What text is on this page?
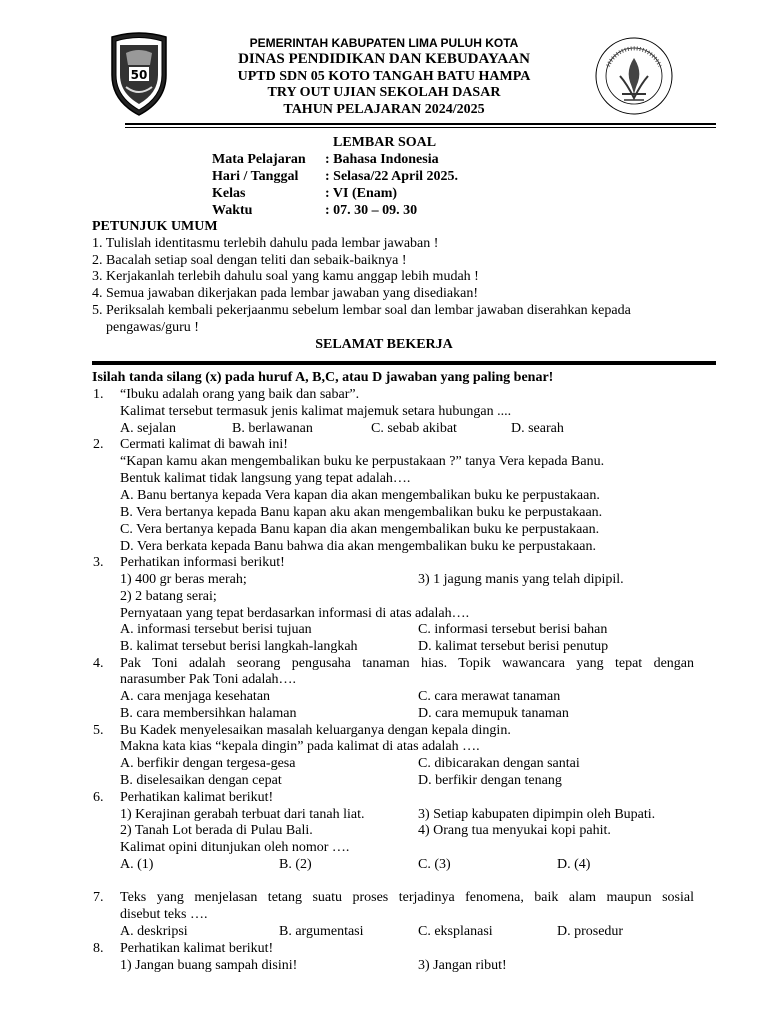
50
PEMERINTAH KABUPATEN LIMA PULUH KOTA
DINAS PENDIDIKAN DAN KEBUDAYAAN
UPTD SDN 05 KOTO TANGAH BATU HAMPA
TRY OUT UJIAN SEKOLAH DASAR
TAHUN PELAJARAN 2024/2025
LEMBAR SOAL
Mata Pelajaran : Bahasa Indonesia
Hari / Tanggal : Selasa/22 April 2025.
Kelas	: VI (Enam)
Waktu	: 07. 30 – 09. 30
PETUNJUK UMUM
1. Tulislah identitasmu terlebih dahulu pada lembar jawaban !
2. Bacalah setiap soal dengan teliti dan sebaik-baiknya !
3. Kerjakanlah terlebih dahulu soal yang kamu anggap lebih mudah !
4. Semua jawaban dikerjakan pada lembar jawaban yang disediakan!
5. Periksalah kembali pekerjaanmu sebelum lembar soal dan lembar jawaban diserahkan kepada
pengawas/guru !
SELAMAT BEKERJA
Isilah tanda silang (x) pada huruf A, B,C, atau D jawaban yang paling benar!
1. “Ibuku adalah orang yang baik dan sabar”.
Kalimat tersebut termasuk jenis kalimat majemuk setara hubungan ....
A. sejalan	B. berlawanan	C. sebab akibat	D. searah
2. Cermati kalimat di bawah ini!
“Kapan kamu akan mengembalikan buku ke perpustakaan ?” tanya Vera kepada Banu.
Bentuk kalimat tidak langsung yang tepat adalah….
A. Banu bertanya kepada Vera kapan dia akan mengembalikan buku ke perpustakaan.
B. Vera bertanya kepada Banu kapan aku akan mengembalikan buku ke perpustakaan.
C. Vera bertanya kepada Banu kapan dia akan mengembalikan buku ke perpustakaan.
D. Vera berkata kepada Banu bahwa dia akan mengembalikan buku ke perpustakaan.
3. Perhatikan informasi berikut!
1) 400 gr beras merah;	3) 1 jagung manis yang telah dipipil.
2) 2 batang serai;
Pernyataan yang tepat berdasarkan informasi di atas adalah….
A. informasi tersebut berisi tujuan	C. informasi tersebut berisi bahan
B. kalimat tersebut berisi langkah-langkah	D. kalimat tersebut berisi penutup
4. Pak Toni adalah seorang pengusaha tanaman hias. Topik wawancara yang tepat dengan
narasumber Pak Toni adalah….
A. cara menjaga kesehatan	C. cara merawat tanaman
B. cara membersihkan halaman	D. cara memupuk tanaman
5. Bu Kadek menyelesaikan masalah keluarganya dengan kepala dingin.
Makna kata kias “kepala dingin” pada kalimat di atas adalah ….
A. berfikir dengan tergesa-gesa	C. dibicarakan dengan santai
B. diselesaikan dengan cepat	D. berfikir dengan tenang
6. Perhatikan kalimat berikut!
1) Kerajinan gerabah terbuat dari tanah liat.	3) Setiap kabupaten dipimpin oleh Bupati.
2) Tanah Lot berada di Pulau Bali.	4) Orang tua menyukai kopi pahit.
Kalimat opini ditunjukan oleh nomor ….
A. (1)	B. (2)	C. (3)	D. (4)
7. Teks yang menjelasan tetang suatu proses terjadinya fenomena, baik alam maupun sosial
disebut teks ….
A. deskripsi	B. argumentasi	C. eksplanasi	D. prosedur
8. Perhatikan kalimat berikut!
1) Jangan buang sampah disini!	3) Jangan ribut!
